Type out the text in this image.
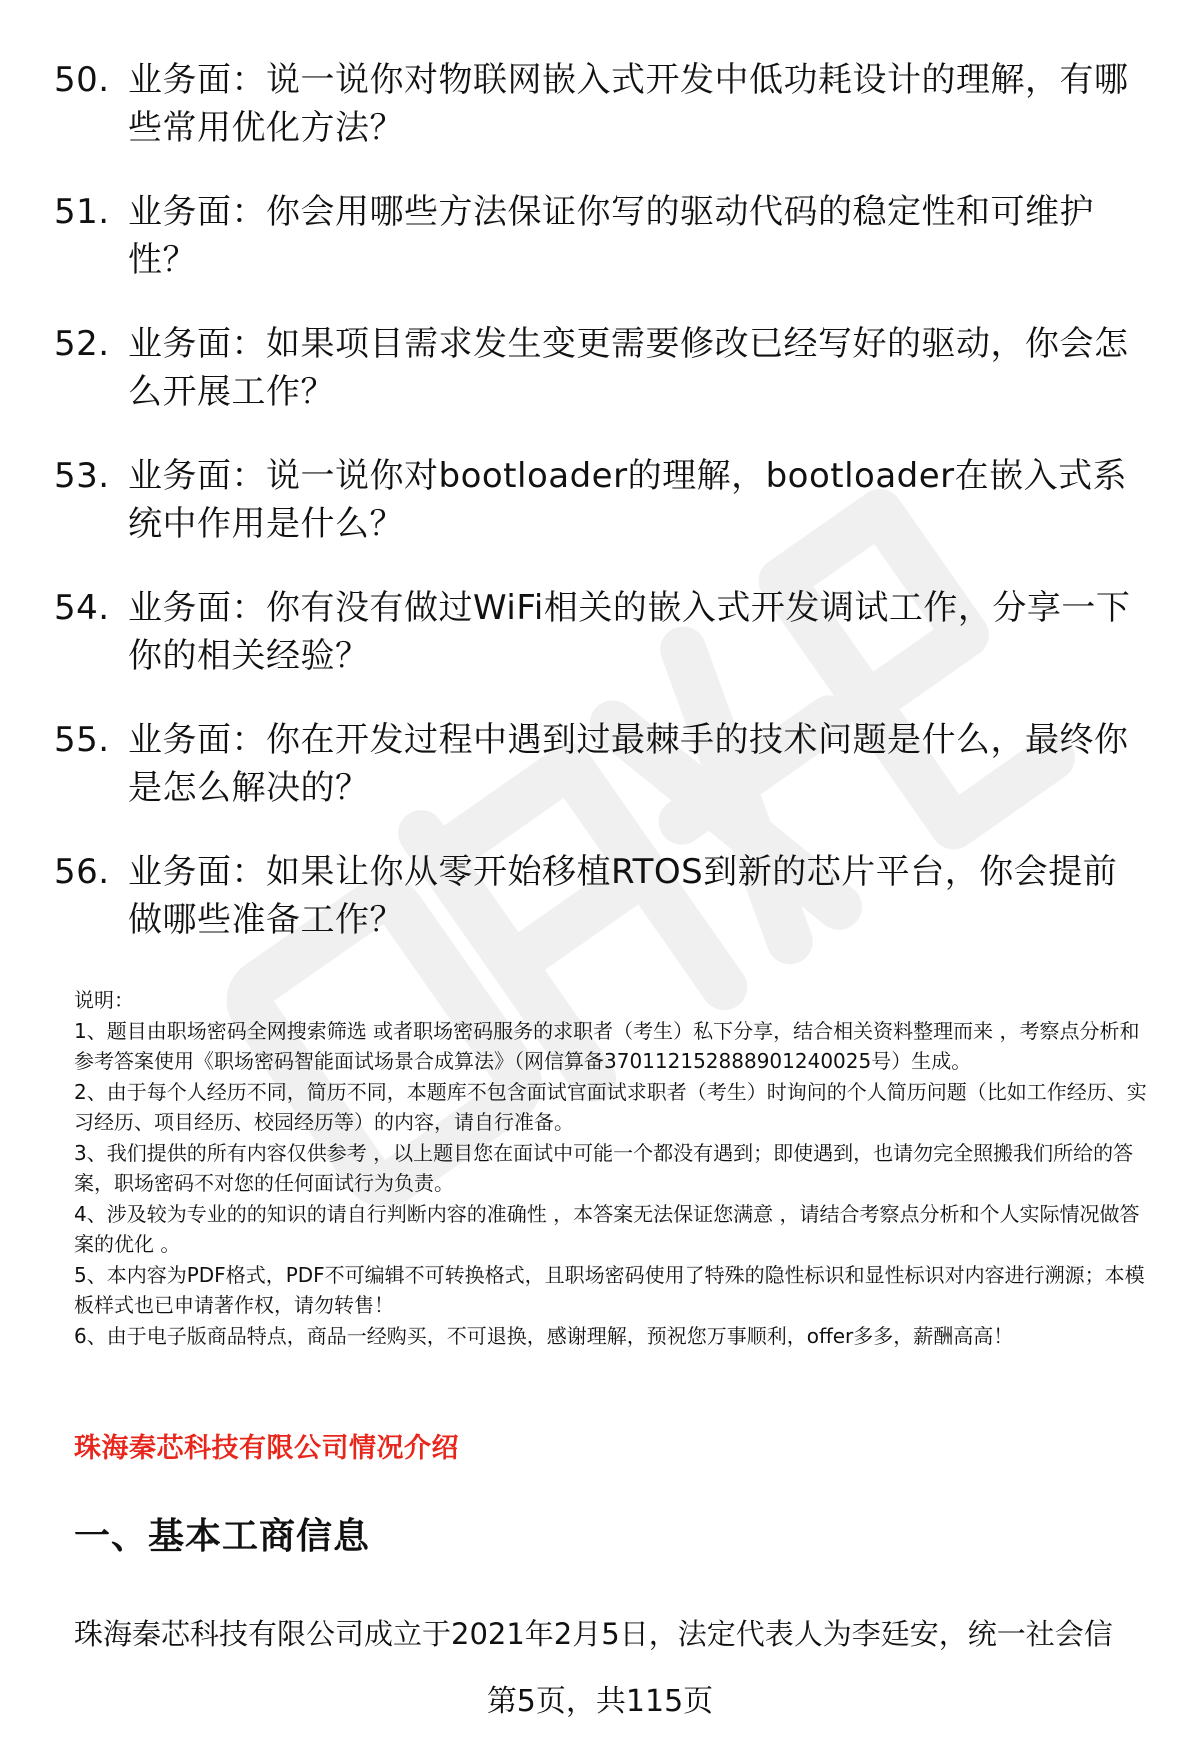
50. 业务面：说一说你对物联网嵌入式开发中低功耗设计的理解，有哪些常用优化方法？
51. 业务面：你会用哪些方法保证你写的驱动代码的稳定性和可维护性？
52. 业务面：如果项目需求发生变更需要修改已经写好的驱动，你会怎么开展工作？
53. 业务面：说一说你对bootloader的理解，bootloader在嵌入式系统中作用是什么？
54. 业务面：你有没有做过WiFi相关的嵌入式开发调试工作，分享一下你的相关经验？
55. 业务面：你在开发过程中遇到过最棘手的技术问题是什么，最终你是怎么解决的？
56. 业务面：如果让你从零开始移植RTOS到新的芯片平台，你会提前做哪些准备工作？

说明：

1、题目由职场密码全网搜索筛选 或者职场密码服务的求职者（考生）私下分享，结合相关资料整理而来 ，考察点分析和参考答案使用《职场密码智能面试场景合成算法》（网信算备370112152888901240025号）生成。

2、由于每个人经历不同，简历不同，本题库不包含面试官面试求职者（考生）时询问的个人简历问题（比如工作经历、实习经历、项目经历、校园经历等）的内容，请自行准备。

3、我们提供的所有内容仅供参考 ，以上题目您在面试中可能一个都没有遇到；即使遇到，也请勿完全照搬我们所给的答案，职场密码不对您的任何面试行为负责。

4、涉及较为专业的的知识的请自行判断内容的准确性 ，本答案无法保证您满意 ，请结合考察点分析和个人实际情况做答案的优化 。

5、本内容为PDF格式，PDF不可编辑不可转换格式，且职场密码使用了特殊的隐性标识和显性标识对内容进行溯源；本模板样式也已申请著作权，请勿转售！

6、由于电子版商品特点，商品一经购买，不可退换，感谢理解，预祝您万事顺利，offer多多，薪酬高高！

珠海秦芯科技有限公司情况介绍
一、基本工商信息
珠海秦芯科技有限公司成立于2021年2月5日，法定代表人为李廷安，统一社会信
第5页，共115页
